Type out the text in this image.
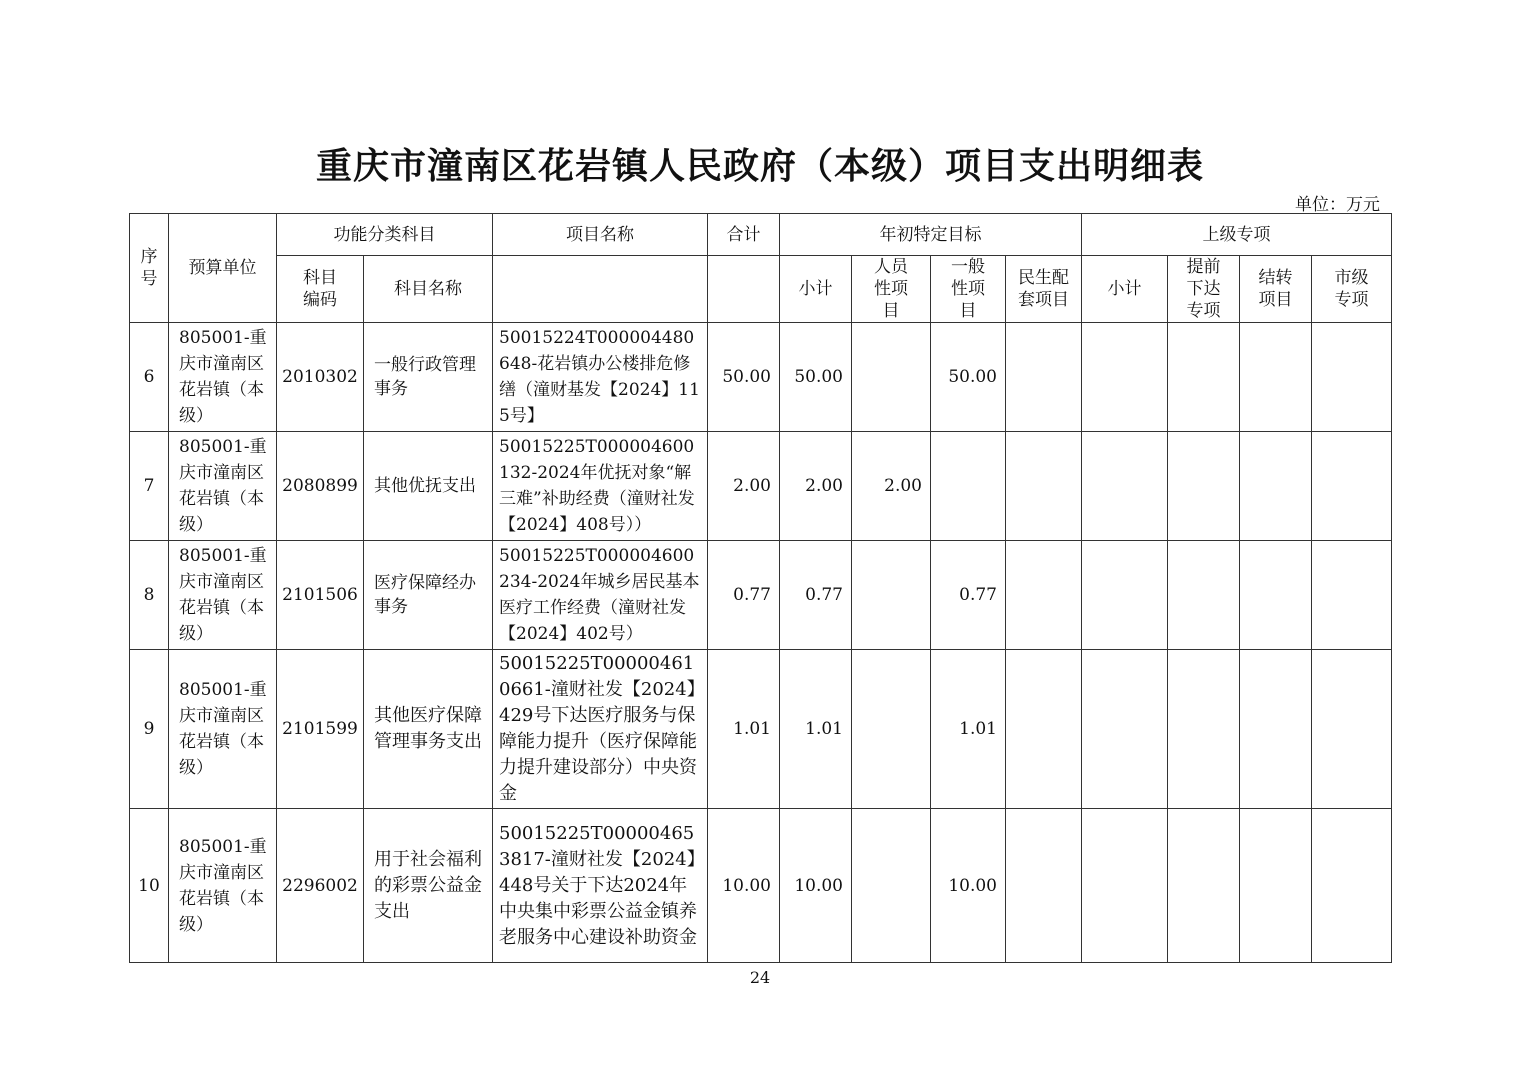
重庆市潼南区花岩镇人民政府（本级）项目支出明细表
单位：万元
序号	预算单位	功能分类科目		项目名称	合计	年初特定目标				上级专项			
		科目编码	科目名称			小计	人员性项目	一般性项目	民生配套项目	小计	提前下达专项	结转项目	市级专项
6	805001-重庆市潼南区花岩镇（本级）	2010302	一般行政管理事务	50015224T000004480648-花岩镇办公楼排危修缮（潼财基发【2024】115号】	50.00	50.00		50.00					
7	805001-重庆市潼南区花岩镇（本级）	2080899	其他优抚支出	50015225T000004600132-2024年优抚对象“解三难”补助经费（潼财社发【2024】408号））	2.00	2.00	2.00						
8	805001-重庆市潼南区花岩镇（本级）	2101506	医疗保障经办事务	50015225T000004600234-2024年城乡居民基本医疗工作经费（潼财社发【2024】402号）	0.77	0.77		0.77					
9	805001-重庆市潼南区花岩镇（本级）	2101599	其他医疗保障管理事务支出	50015225T000004610661-潼财社发【2024】429号下达医疗服务与保障能力提升（医疗保障能力提升建设部分）中央资金	1.01	1.01		1.01					
10	805001-重庆市潼南区花岩镇（本级）	2296002	用于社会福利的彩票公益金支出	50015225T000004653817-潼财社发【2024】448号关于下达2024年中央集中彩票公益金镇养老服务中心建设补助资金	10.00	10.00		10.00					
24
